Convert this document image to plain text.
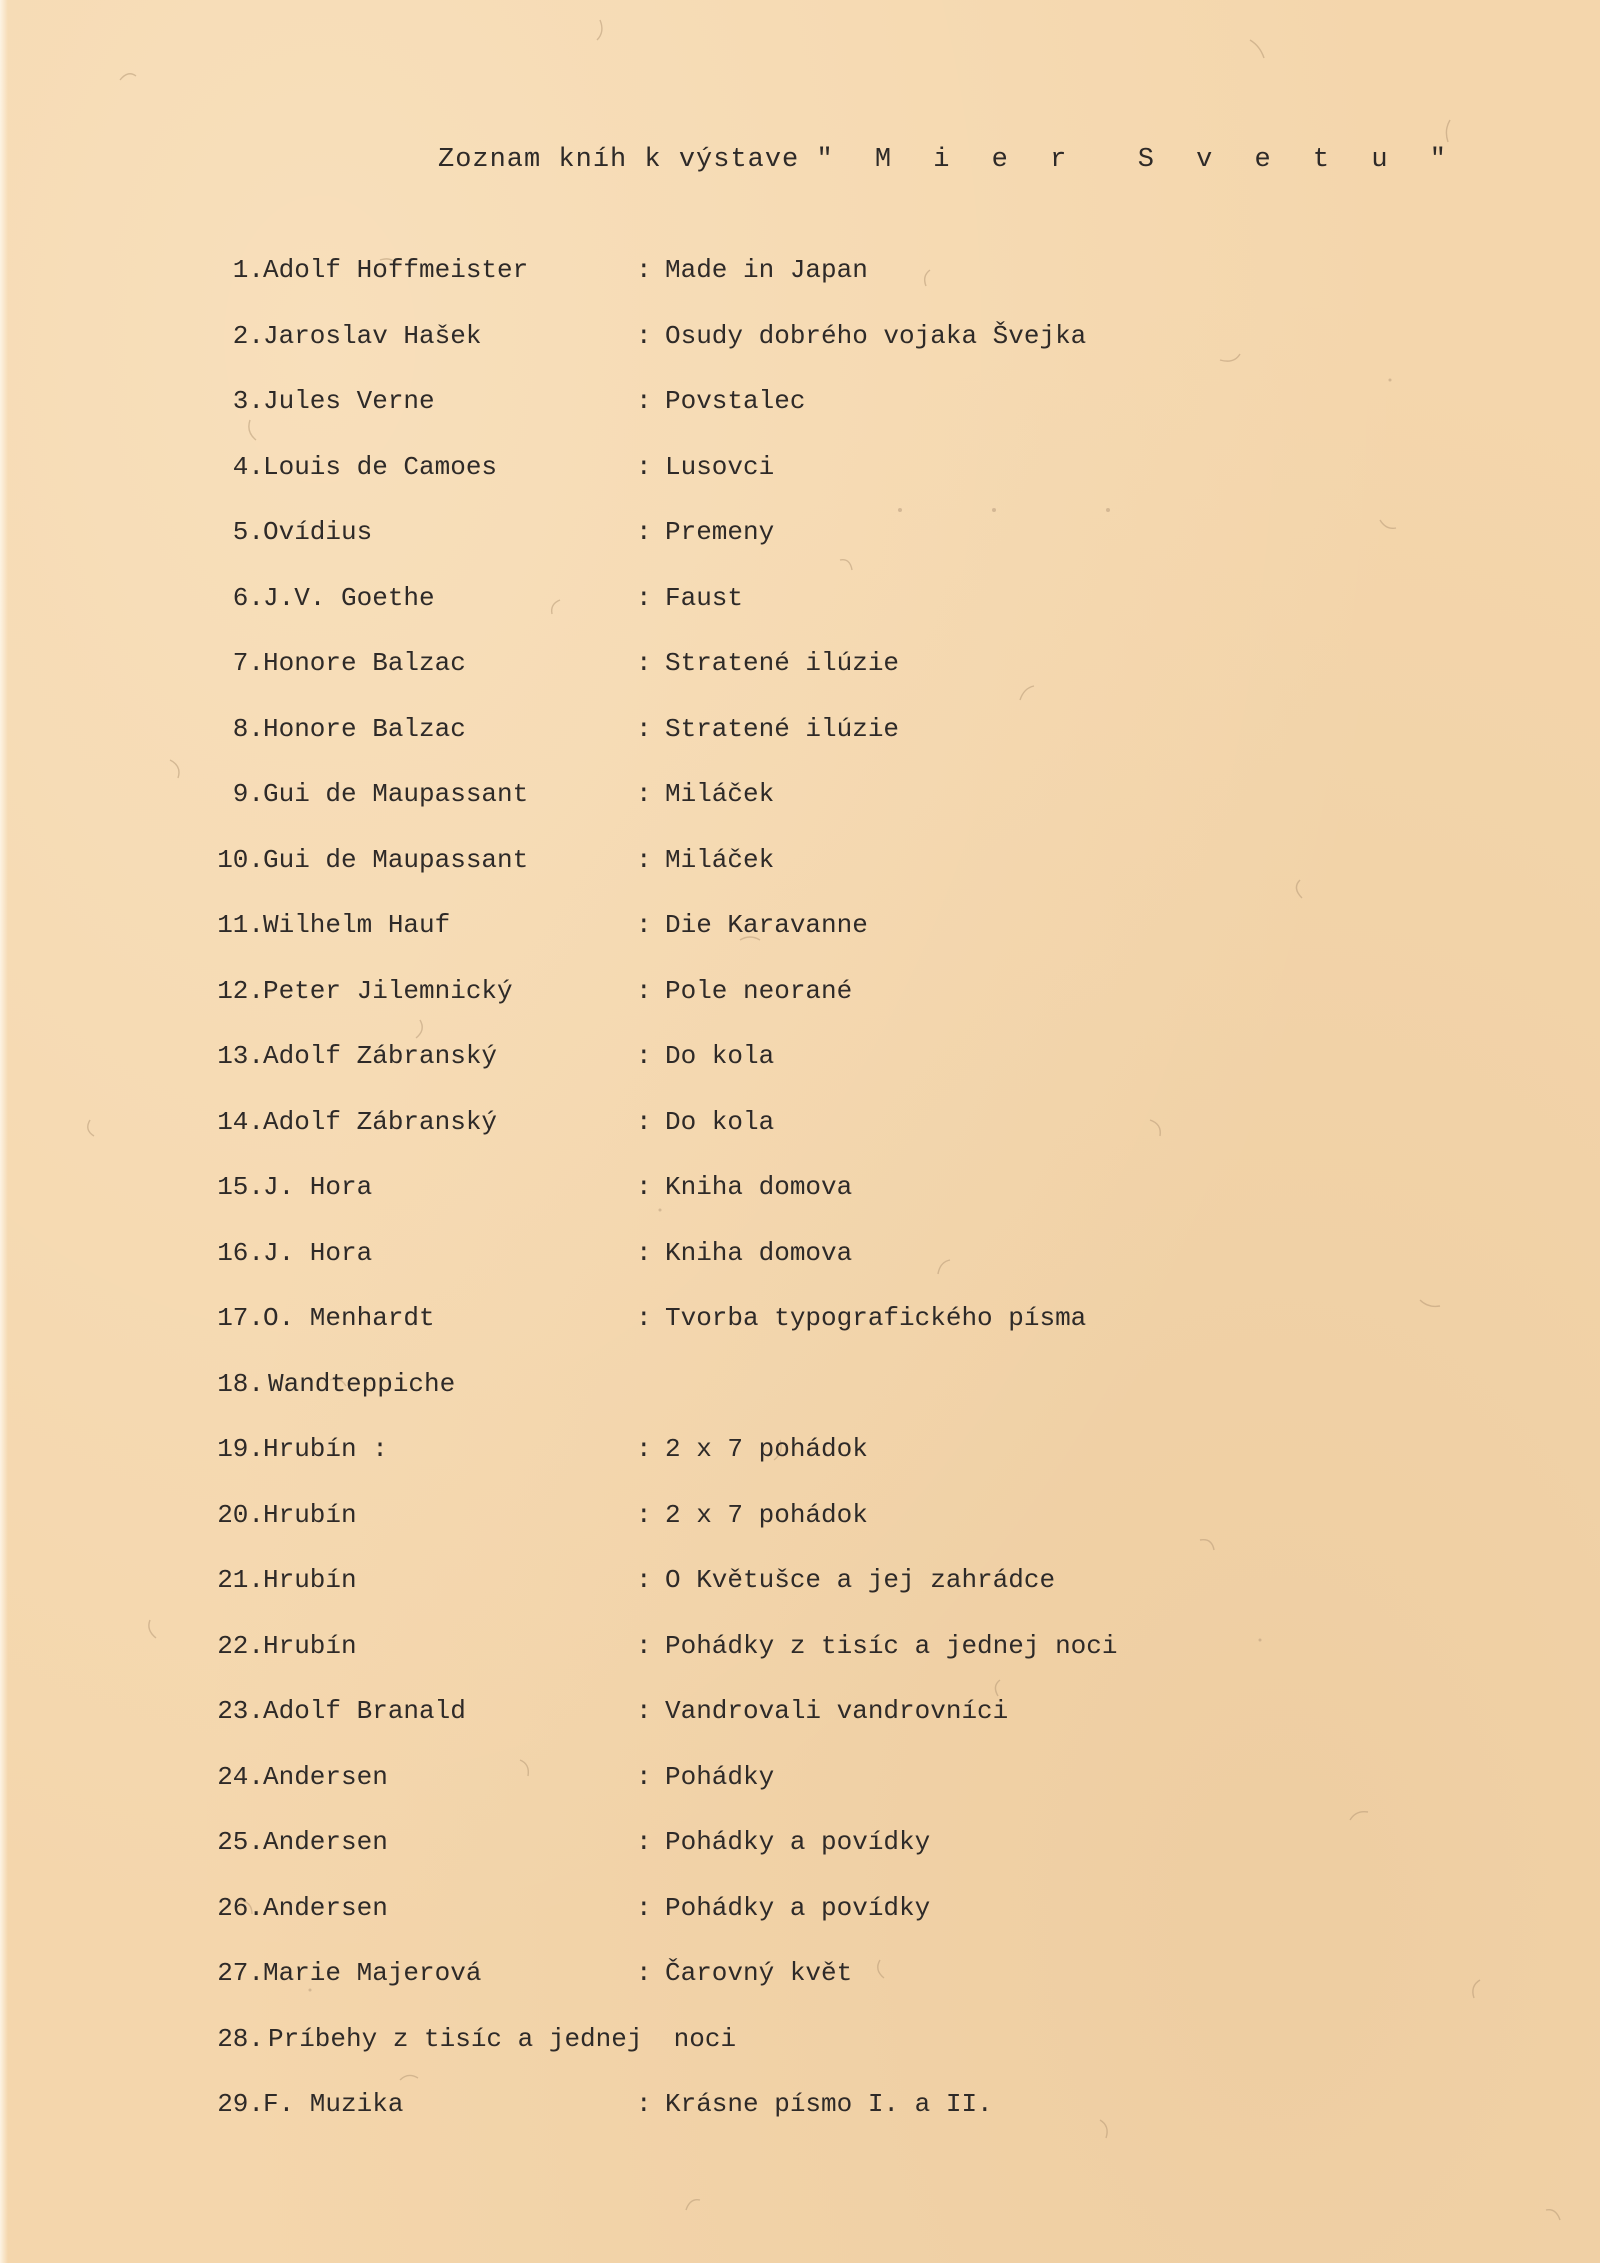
Zoznam kníh k výstave " M i e r  S v e t u "
1. Adolf Hoffmeister	: Made in Japan
2. Jaroslav Hašek	: Osudy dobrého vojaka Švejka
3. Jules Verne	: Povstalec
4. Louis de Camoes	: Lusovci
5. Ovídius	: Premeny
6. J.V. Goethe	: Faust
7. Honore Balzac	: Stratené ilúzie
8. Honore Balzac	: Stratené ilúzie
9. Gui de Maupassant	: Miláček
10. Gui de Maupassant	: Miláček
11. Wilhelm Hauf	: Die Karavanne
12. Peter Jilemnický	: Pole neorané
13. Adolf Zábranský	: Do kola
14. Adolf Zábranský	: Do kola
15. J. Hora	: Kniha domova
16. J. Hora	: Kniha domova
17. O. Menhardt	: Tvorba typografického písma
18. Wandteppiche
19. Hrubín :	: 2 x 7 pohádok
20. Hrubín	: 2 x 7 pohádok
21. Hrubín	: O Květušce a jej zahrádce
22. Hrubín	: Pohádky z tisíc a jednej noci
23. Adolf Branald	: Vandrovali vandrovníci
24. Andersen	: Pohádky
25. Andersen	: Pohádky a povídky
26. Andersen	: Pohádky a povídky
27. Marie Majerová	: Čarovný květ
28. Príbehy z tisíc a jednej  noci
29. F. Muzika	: Krásne písmo I. a II.
